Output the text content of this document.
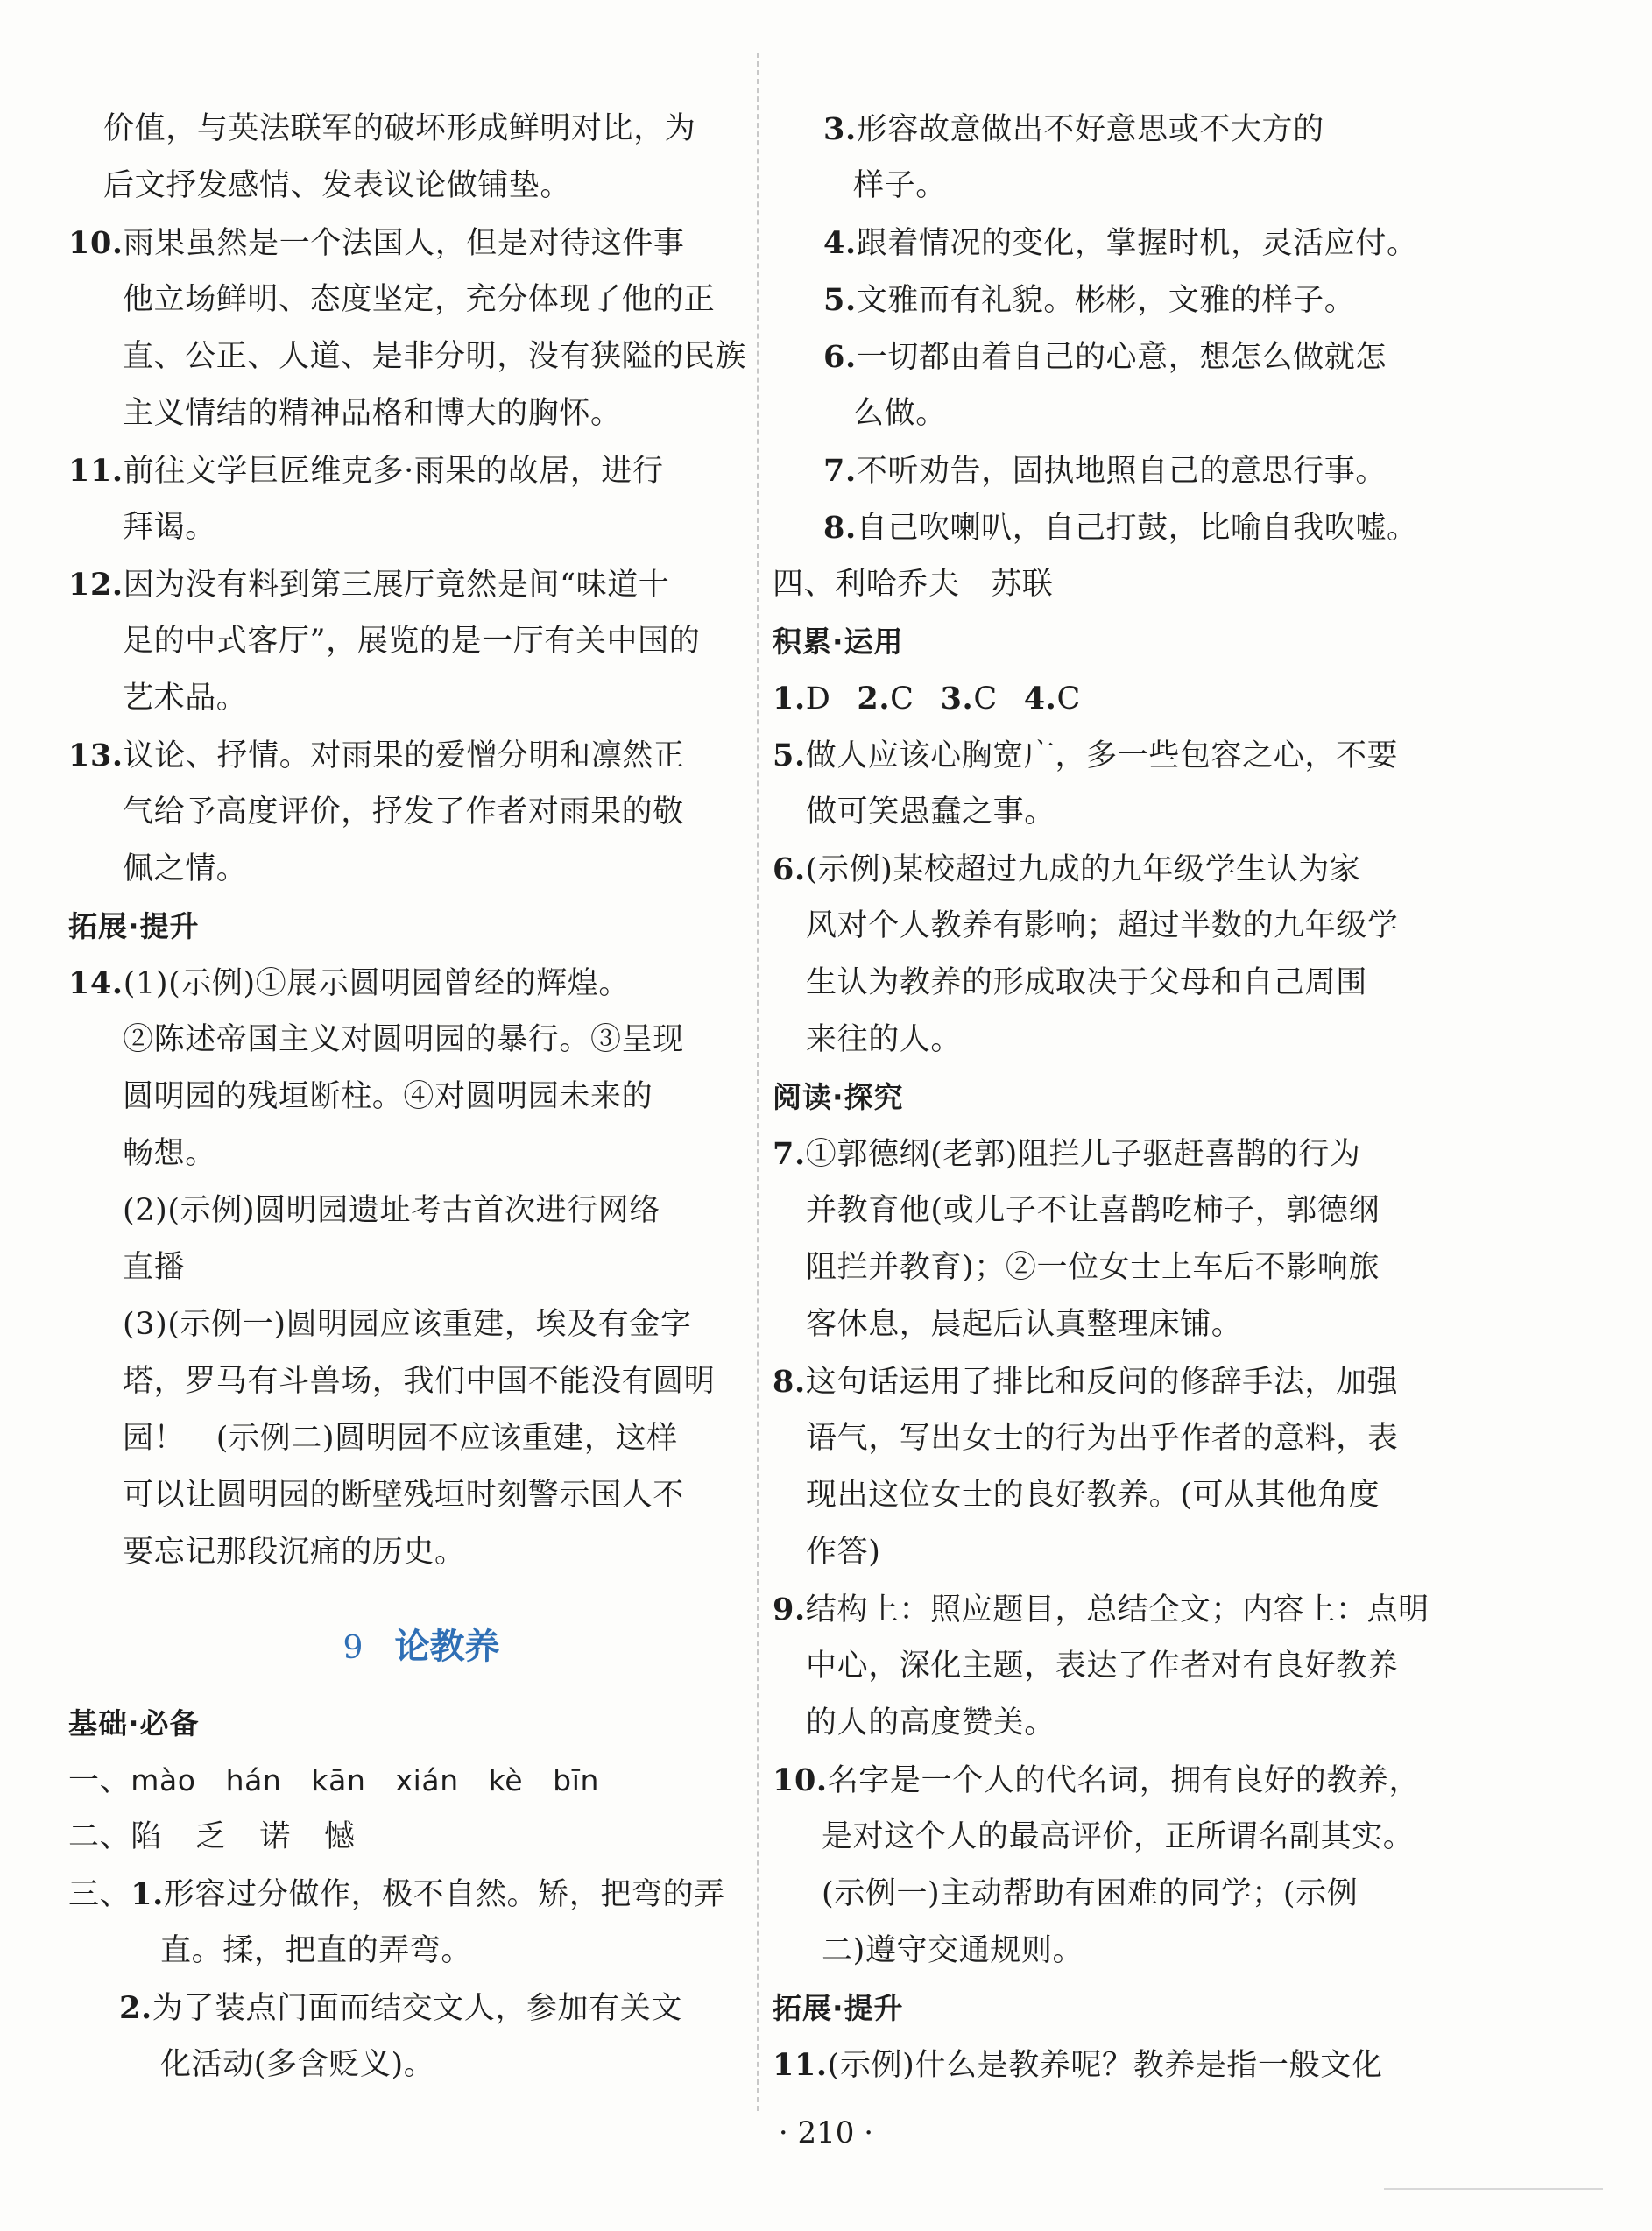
价值，与英法联军的破坏形成鲜明对比，为
后文抒发感情、发表议论做铺垫。
10.雨果虽然是一个法国人，但是对待这件事
他立场鲜明、态度坚定，充分体现了他的正
直、公正、人道、是非分明，没有狭隘的民族
主义情结的精神品格和博大的胸怀。
11.前往文学巨匠维克多·雨果的故居，进行
拜谒。
12.因为没有料到第三展厅竟然是间“味道十
足的中式客厅”，展览的是一厅有关中国的
艺术品。
13.议论、抒情。对雨果的爱憎分明和凛然正
气给予高度评价，抒发了作者对雨果的敬
佩之情。
拓展·提升
14.(1)(示例)①展示圆明园曾经的辉煌。
②陈述帝国主义对圆明园的暴行。③呈现
圆明园的残垣断柱。④对圆明园未来的
畅想。
(2)(示例)圆明园遗址考古首次进行网络
直播
(3)(示例一)圆明园应该重建，埃及有金字
塔，罗马有斗兽场，我们中国不能没有圆明
园！　(示例二)圆明园不应该重建，这样
可以让圆明园的断壁残垣时刻警示国人不
要忘记那段沉痛的历史。
9 论教养
基础·必备
一、mào hán kān xián kè bīn
二、陷 乏 诺 憾
三、1.形容过分做作，极不自然。矫，把弯的弄
直。揉，把直的弄弯。
2.为了装点门面而结交文人，参加有关文
化活动(多含贬义)。
3.形容故意做出不好意思或不大方的
样子。
4.跟着情况的变化，掌握时机，灵活应付。
5.文雅而有礼貌。彬彬，文雅的样子。
6.一切都由着自己的心意，想怎么做就怎
么做。
7.不听劝告，固执地照自己的意思行事。
8.自己吹喇叭，自己打鼓，比喻自我吹嘘。
四、利哈乔夫　苏联
积累·运用
1.D 2.C 3.C 4.C
5.做人应该心胸宽广，多一些包容之心，不要
做可笑愚蠢之事。
6.(示例)某校超过九成的九年级学生认为家
风对个人教养有影响；超过半数的九年级学
生认为教养的形成取决于父母和自己周围
来往的人。
阅读·探究
7.①郭德纲(老郭)阻拦儿子驱赶喜鹊的行为
并教育他(或儿子不让喜鹊吃柿子，郭德纲
阻拦并教育)；②一位女士上车后不影响旅
客休息，晨起后认真整理床铺。
8.这句话运用了排比和反问的修辞手法，加强
语气，写出女士的行为出乎作者的意料，表
现出这位女士的良好教养。(可从其他角度
作答)
9.结构上：照应题目，总结全文；内容上：点明
中心，深化主题，表达了作者对有良好教养
的人的高度赞美。
10.名字是一个人的代名词，拥有良好的教养，
是对这个人的最高评价，正所谓名副其实。
(示例一)主动帮助有困难的同学；(示例
二)遵守交通规则。
拓展·提升
11.(示例)什么是教养呢？教养是指一般文化
· 210 ·
